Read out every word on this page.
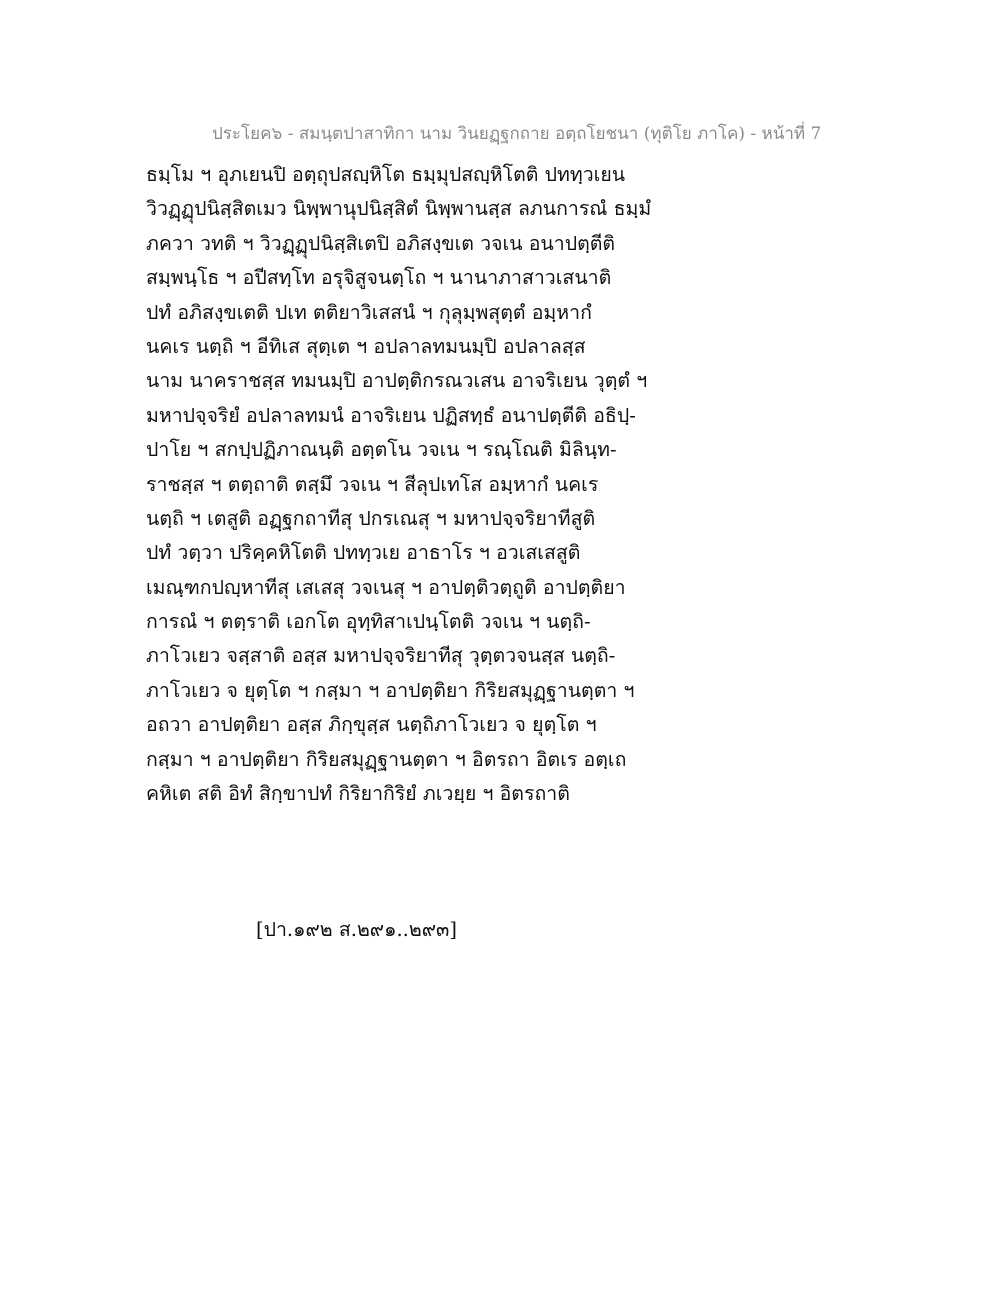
ประโยค๖ - สมนฺตปาสาทิกา นาม วินยฏฺฐกถาย อตฺถโยชนา (ทุติโย ภาโค) - หน้าที่ 7
ธมฺโม ฯ อุภเยนปิ อตฺถุปสญฺหิโต ธมฺมุปสญฺหิโตติ ปททฺวเยน
วิวฏฺฏุปนิสฺสิตเมว นิพฺพานุปนิสฺสิตํ นิพฺพานสฺส ลภนการณํ ธมฺมํ
ภควา วทติ ฯ วิวฏฺฏุปนิสฺสิเตปิ อภิสงฺขเต วจเน อนาปตฺตีติ
สมฺพนฺโธ ฯ อปีสทฺโท อรุจิสูจนตฺโถ ฯ นานาภาสาวเสนาติ
ปทํ อภิสงฺขเตติ ปเท ตติยาวิเสสนํ ฯ กุลุมฺพสุตฺตํ อมฺหากํ
นคเร นตฺถิ ฯ อีทิเส สุตฺเต ฯ อปลาลทมนมฺปิ อปลาลสฺส
นาม นาคราชสฺส ทมนมฺปิ อาปตฺติกรณวเสน อาจริเยน วุตฺตํ ฯ
มหาปจฺจริยํ อปลาลทมนํ อาจริเยน ปฏิสทฺธํ อนาปตฺตีติ อธิปฺ-
ปาโย ฯ สกปฺปฏิภาณนฺติ อตฺตโน วจเน ฯ รณฺโณติ มิลินฺท-
ราชสฺส ฯ ตตฺถาติ ตสฺมึ วจเน ฯ สีลุปเทโส อมฺหากํ นคเร
นตฺถิ ฯ เตสูติ อฏฺฐกถาทีสุ ปกรเณสุ ฯ มหาปจฺจริยาทีสูติ
ปทํ วตฺวา ปริคฺคหิโตติ ปททฺวเย อาธาโร ฯ อวเสเสสูติ
เมณฺฑกปญฺหาทีสุ เสเสสุ วจเนสุ ฯ อาปตฺติวตฺถูติ อาปตฺติยา
การณํ ฯ ตตฺราติ เอกโต อุทฺทิสาเปนฺโตติ วจเน ฯ นตฺถิ-
ภาโวเยว จสฺสาติ อสฺส มหาปจฺจริยาทีสุ วุตฺตวจนสฺส นตฺถิ-
ภาโวเยว จ ยุตฺโต ฯ กสฺมา ฯ อาปตฺติยา กิริยสมุฏฺฐานตฺตา ฯ
อถวา อาปตฺติยา อสฺส ภิกฺขุสฺส นตฺถิภาโวเยว จ ยุตฺโต ฯ
กสฺมา ฯ อาปตฺติยา กิริยสมุฏฺฐานตฺตา ฯ อิตรถา อิตเร อตฺเถ
คหิเต สติ อิทํ สิกฺขาปทํ กิริยากิริยํ ภเวยฺย ฯ อิตรถาติ
[ปา.๑๙๒ ส.๒๙๑..๒๙๓]
